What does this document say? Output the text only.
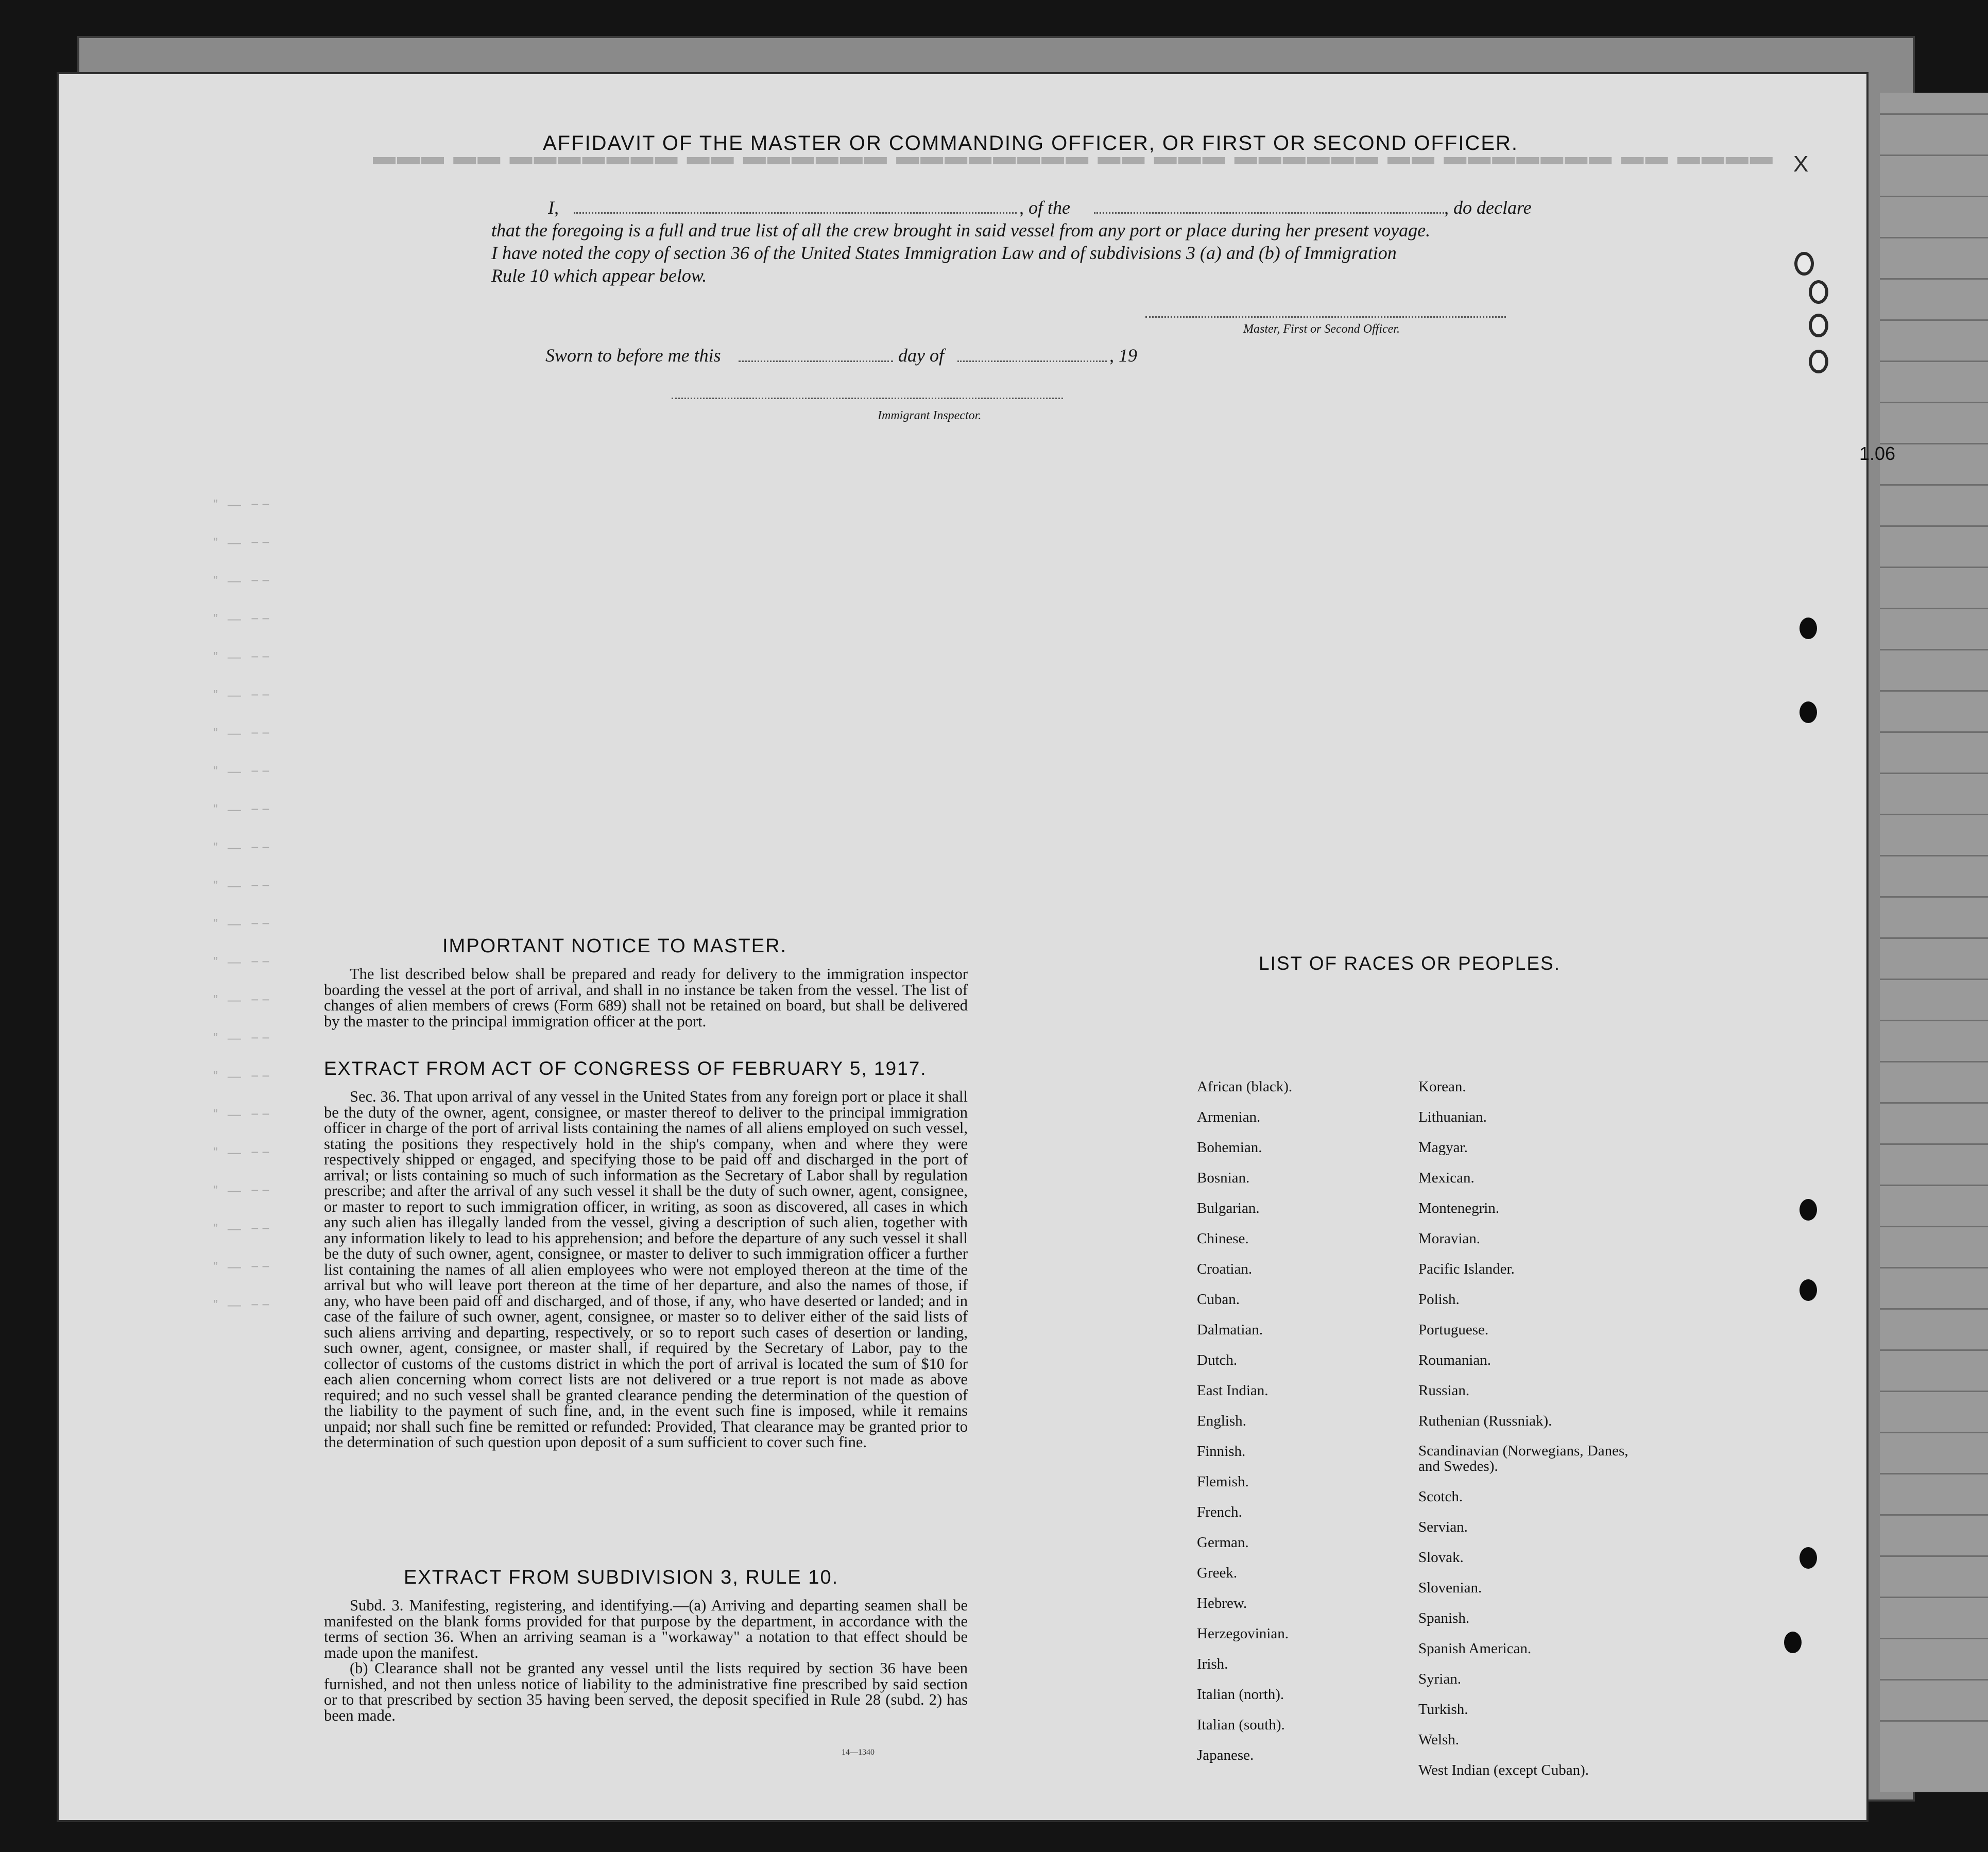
▬▬▬ ▬▬ ▬▬▬▬▬▬▬ ▬▬ ▬▬▬▬▬▬ ▬▬▬▬▬▬▬▬ ▬▬ ▬▬▬ ▬▬▬▬▬▬ ▬▬ ▬▬▬▬▬▬▬ ▬▬ ▬▬▬▬
” — −−
” — −−
” — −−
” — −−
” — −−
” — −−
” — −−
” — −−
” — −−
” — −−
” — −−
” — −−
” — −−
” — −−
” — −−
” — −−
” — −−
” — −−
” — −−
” — −−
” — −−
” — −−
AFFIDAVIT OF THE MASTER OR COMMANDING OFFICER, OR FIRST OR SECOND OFFICER.
I,	, of the	, do declare
that the foregoing is a full and true list of all the crew brought in said vessel from any port or place during her present voyage.
I have noted the copy of section 36 of the United States Immigration Law and of subdivisions 3 (a) and (b) of Immigration
Rule 10 which appear below.
Master, First or Second Officer.
Sworn to before me this	day of	, 19
Immigrant Inspector.
IMPORTANT NOTICE TO MASTER.

The list described below shall be prepared and ready for delivery to the immigration inspector boarding the vessel at the port of arrival, and shall in no instance be taken from the vessel. The list of changes of alien members of crews (Form 689) shall not be retained on board, but shall be delivered by the master to the principal immigration officer at the port.

EXTRACT FROM ACT OF CONGRESS OF FEBRUARY 5, 1917.

Sec. 36. That upon arrival of any vessel in the United States from any foreign port or place it shall be the duty of the owner, agent, consignee, or master thereof to deliver to the principal immigration officer in charge of the port of arrival lists containing the names of all aliens employed on such vessel, stating the positions they respectively hold in the ship's company, when and where they were respectively shipped or engaged, and specifying those to be paid off and discharged in the port of arrival; or lists containing so much of such information as the Secretary of Labor shall by regulation prescribe; and after the arrival of any such vessel it shall be the duty of such owner, agent, consignee, or master to report to such immigration officer, in writing, as soon as discovered, all cases in which any such alien has illegally landed from the vessel, giving a description of such alien, together with any information likely to lead to his apprehension; and before the departure of any such vessel it shall be the duty of such owner, agent, consignee, or master to deliver to such immigration officer a further list containing the names of all alien employees who were not employed thereon at the time of the arrival but who will leave port thereon at the time of her departure, and also the names of those, if any, who have been paid off and discharged, and of those, if any, who have deserted or landed; and in case of the failure of such owner, agent, consignee, or master so to deliver either of the said lists of such aliens arriving and departing, respectively, or so to report such cases of desertion or landing, such owner, agent, consignee, or master shall, if required by the Secretary of Labor, pay to the collector of customs of the customs district in which the port of arrival is located the sum of $10 for each alien concerning whom correct lists are not delivered or a true report is not made as above required; and no such vessel shall be granted clearance pending the determination of the question of the liability to the payment of such fine, and, in the event such fine is imposed, while it remains unpaid; nor shall such fine be remitted or refunded: Provided, That clearance may be granted prior to the determination of such question upon deposit of a sum sufficient to cover such fine.

EXTRACT FROM SUBDIVISION 3, RULE 10.

Subd. 3. Manifesting, registering, and identifying.—(a) Arriving and departing seamen shall be manifested on the blank forms provided for that purpose by the department, in accordance with the terms of section 36. When an arriving seaman is a "workaway" a notation to that effect should be made upon the manifest.

(b) Clearance shall not be granted any vessel until the lists required by section 36 have been furnished, and not then unless notice of liability to the administrative fine prescribed by said section or to that prescribed by section 35 having been served, the deposit specified in Rule 28 (subd. 2) has been made.

14—1340
LIST OF RACES OR PEOPLES.
African (black).
Armenian.
Bohemian.
Bosnian.
Bulgarian.
Chinese.
Croatian.
Cuban.
Dalmatian.
Dutch.
East Indian.
English.
Finnish.
Flemish.
French.
German.
Greek.
Hebrew.
Herzegovinian.
Irish.
Italian (north).
Italian (south).
Japanese.
Korean.
Lithuanian.
Magyar.
Mexican.
Montenegrin.
Moravian.
Pacific Islander.
Polish.
Portuguese.
Roumanian.
Russian.
Ruthenian (Russniak).
Scandinavian (Norwegians, Danes, and Swedes).
Scotch.
Servian.
Slovak.
Slovenian.
Spanish.
Spanish American.
Syrian.
Turkish.
Welsh.
West Indian (except Cuban).
X
1.06
